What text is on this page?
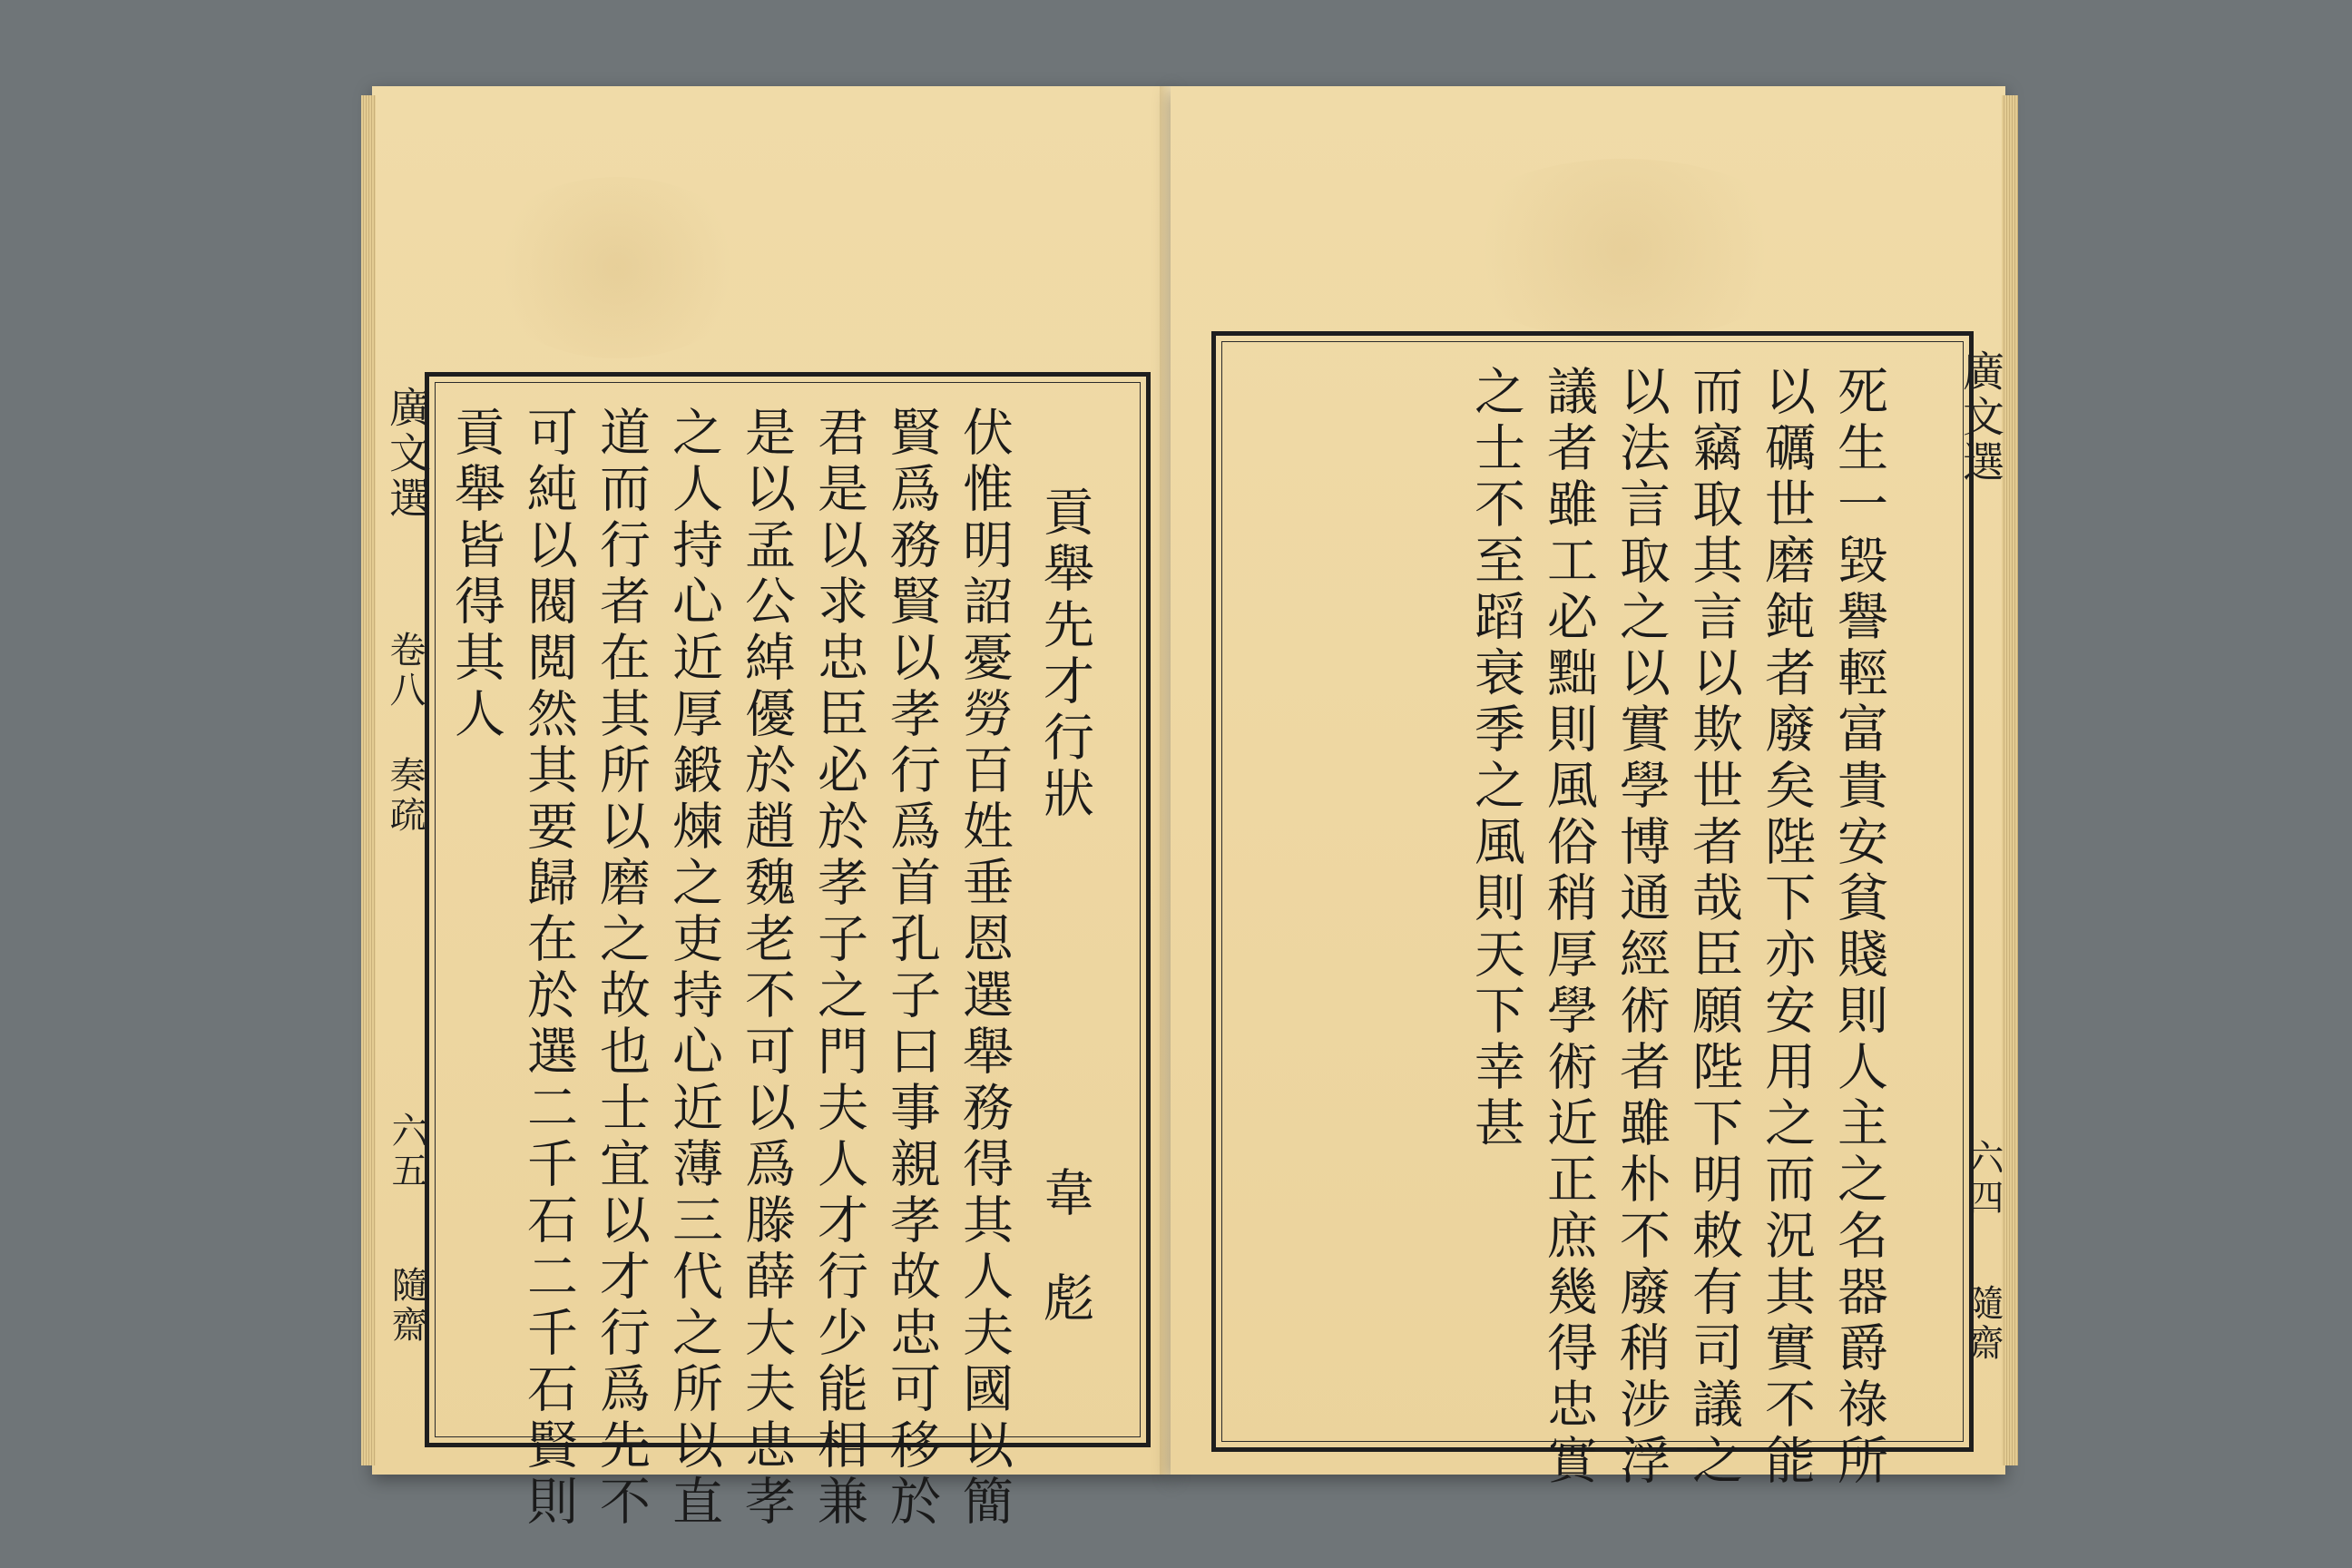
廣文選
卷八 奏疏
六五
隨齋
貢舉先才行狀
韋彪
伏惟明詔憂勞百姓垂恩選舉務得其人夫國以簡
賢爲務賢以孝行爲首孔子曰事親孝故忠可移於
君是以求忠臣必於孝子之門夫人才行少能相兼
是以孟公綽優於趙魏老不可以爲滕薛大夫忠孝
之人持心近厚鍛煉之吏持心近薄三代之所以直
道而行者在其所以磨之故也士宜以才行爲先不
可純以閥閲然其要歸在於選二千石二千石賢則
貢舉皆得其人	廣文選
六四
隨齋
死生一毀譽輕富貴安貧賤則人主之名器爵祿所
以礪世磨鈍者廢矣陛下亦安用之而況其實不能
而竊取其言以欺世者哉臣願陛下明敕有司議之
以法言取之以實學博通經術者雖朴不廢稍涉浮
議者雖工必黜則風俗稍厚學術近正庶幾得忠實
之士不至蹈衰季之風則天下幸甚
